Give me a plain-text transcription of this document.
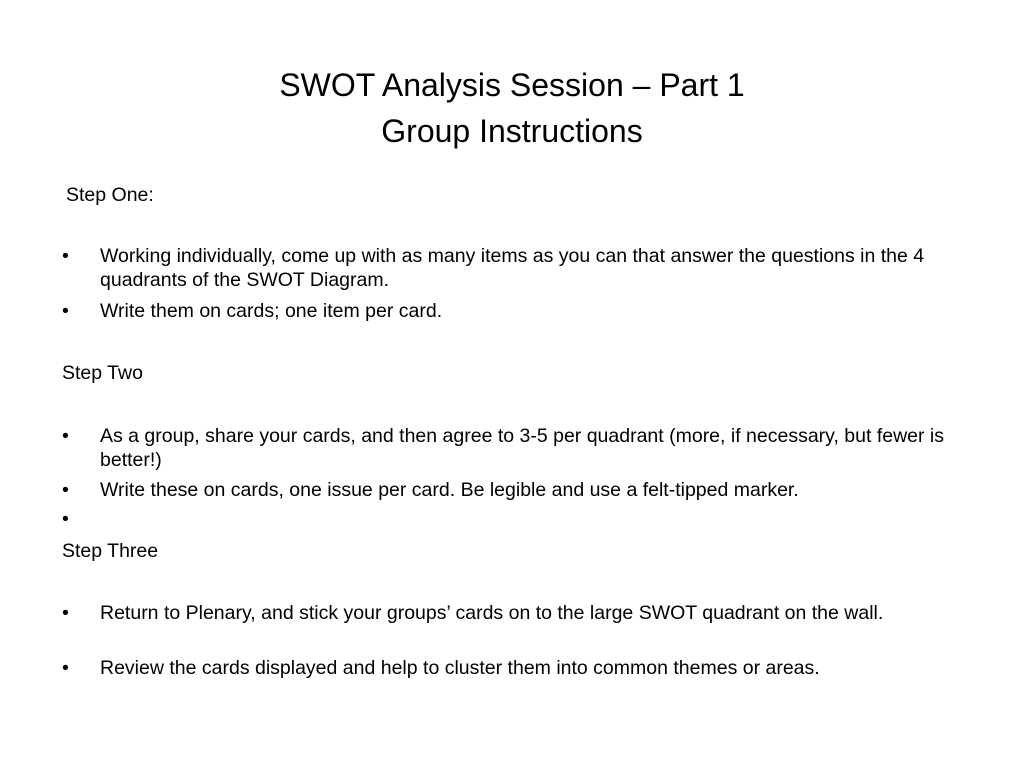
SWOT Analysis Session – Part 1
Group Instructions
Step One:
•	Working individually, come up with as many items as you can that answer the questions in the 4 quadrants of the SWOT Diagram.
•	Write them on cards; one item per card.
Step Two
•	As a group, share your cards, and then agree to 3-5 per quadrant (more, if necessary, but fewer is better!)
•	Write these on cards, one issue per card. Be legible and use a felt-tipped marker.
•
Step Three
•	Return to Plenary, and stick your groups’ cards on to the large SWOT quadrant on the wall.
•	Review the cards displayed and help to cluster them into common themes or areas.
